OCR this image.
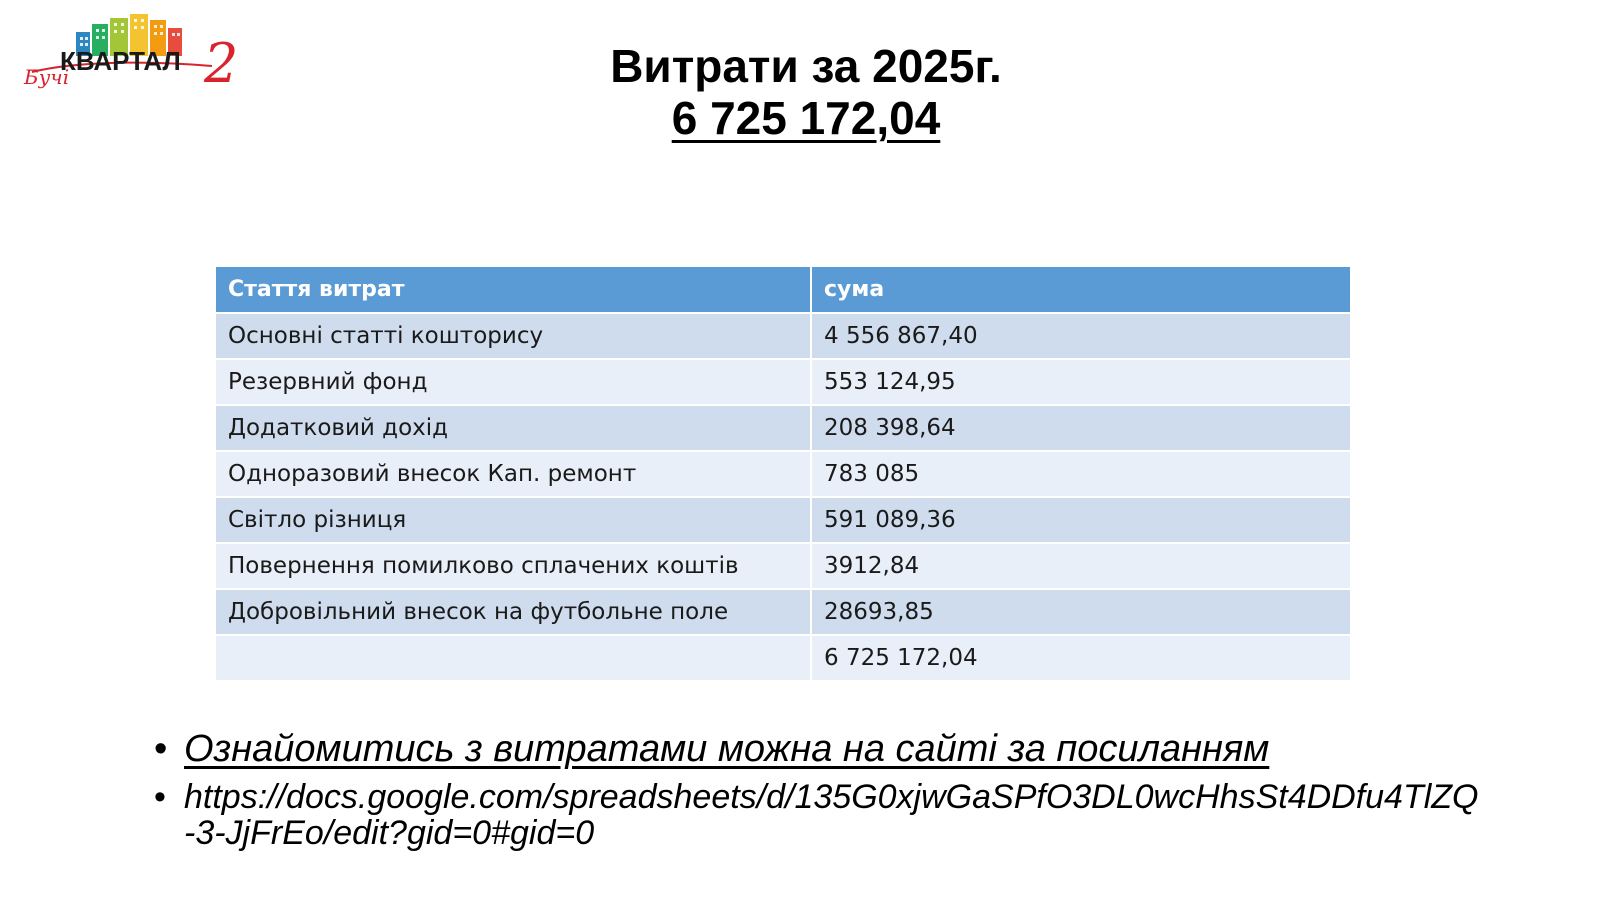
КВАРТАЛ
Бучі 2	Витрати за 2025г.
6 725 172,04
Стаття витрат	сума
Основні статті кошторису	4 556 867,40
Резервний фонд	553 124,95
Додатковий дохід	208 398,64
Одноразовий внесок Кап. ремонт	783 085
Світло різниця	591 089,36
Повернення помилково сплачених коштів	3912,84
Добровільний внесок на футбольне поле	28693,85
	6 725 172,04
• Ознайомитись з витратами можна на сайті за посиланням
• https://docs.google.com/spreadsheets/d/135G0xjwGaSPfO3DL0wcHhsSt4DDfu4TlZQ-3-JjFrEo/edit?gid=0#gid=0
